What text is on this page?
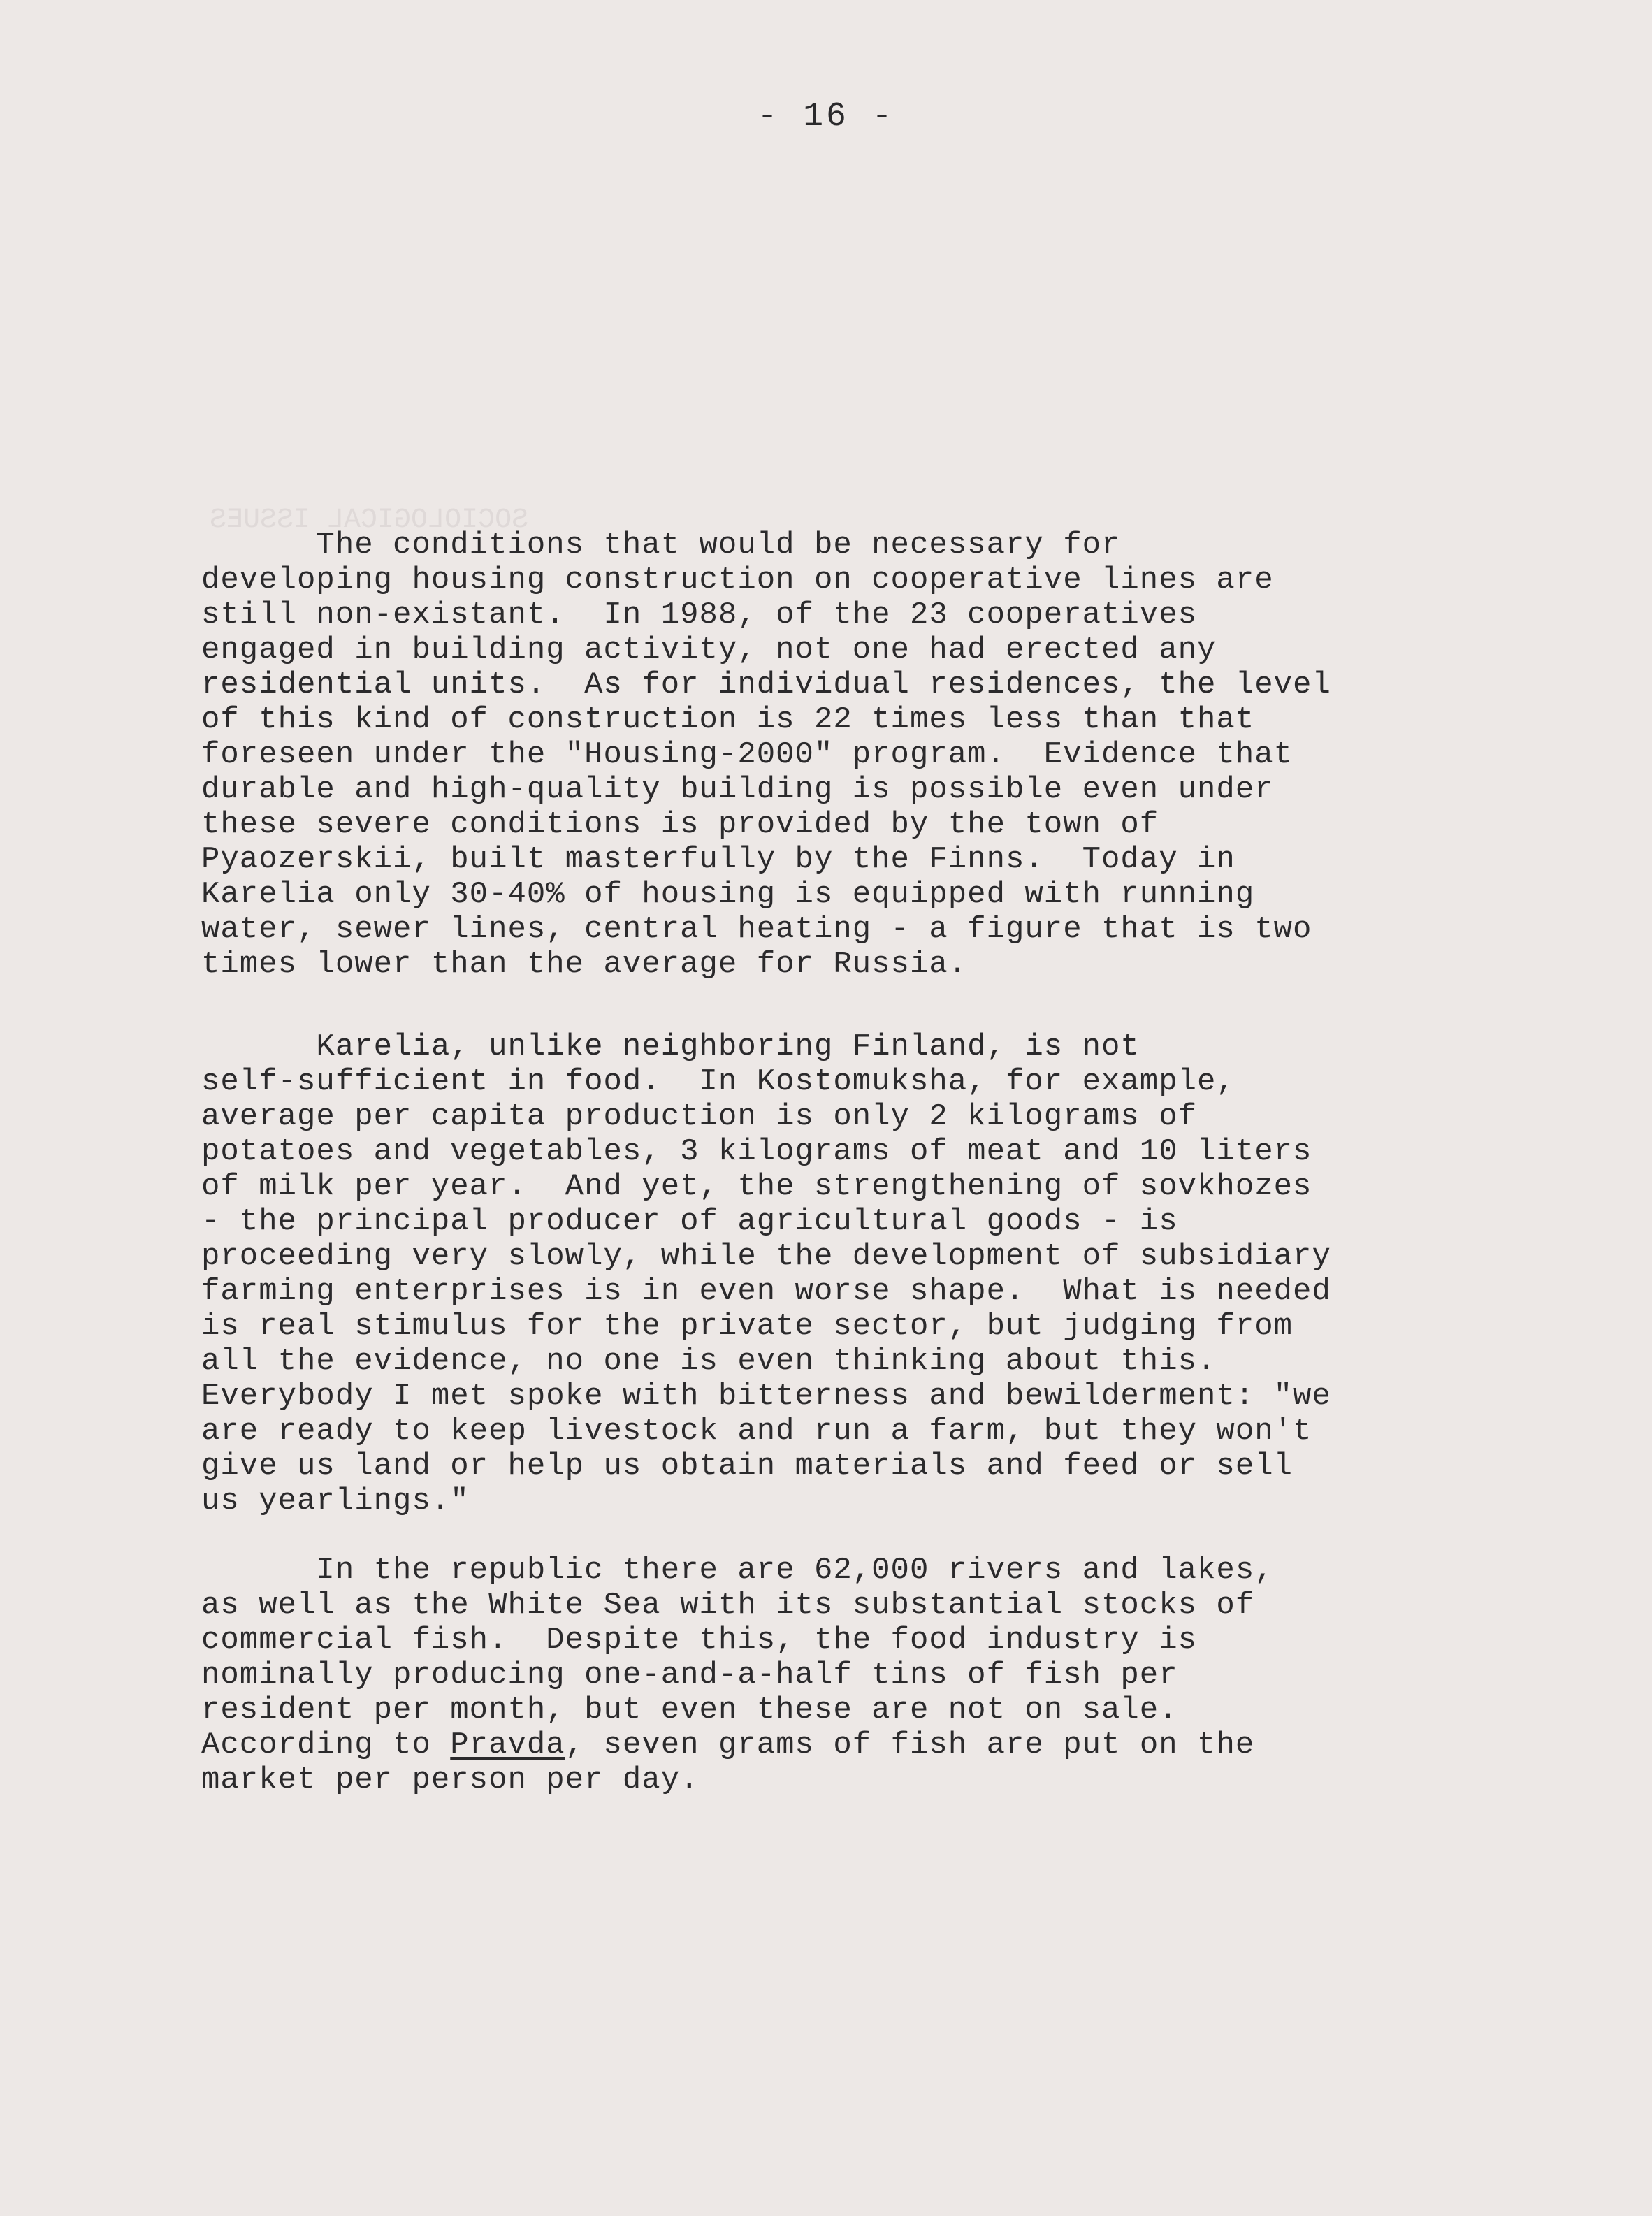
SOCIOLOGICAL ISSUES
- 16 -
The conditions that would be necessary for
developing housing construction on cooperative lines are
still non-existant.  In 1988, of the 23 cooperatives
engaged in building activity, not one had erected any
residential units.  As for individual residences, the level
of this kind of construction is 22 times less than that
foreseen under the "Housing-2000" program.  Evidence that
durable and high-quality building is possible even under
these severe conditions is provided by the town of
Pyaozerskii, built masterfully by the Finns.  Today in
Karelia only 30-40% of housing is equipped with running
water, sewer lines, central heating - a figure that is two
times lower than the average for Russia.
Karelia, unlike neighboring Finland, is not
self-sufficient in food.  In Kostomuksha, for example,
average per capita production is only 2 kilograms of
potatoes and vegetables, 3 kilograms of meat and 10 liters
of milk per year.  And yet, the strengthening of sovkhozes
- the principal producer of agricultural goods - is
proceeding very slowly, while the development of subsidiary
farming enterprises is in even worse shape.  What is needed
is real stimulus for the private sector, but judging from
all the evidence, no one is even thinking about this.
Everybody I met spoke with bitterness and bewilderment: "we
are ready to keep livestock and run a farm, but they won't
give us land or help us obtain materials and feed or sell
us yearlings."
In the republic there are 62,000 rivers and lakes,
as well as the White Sea with its substantial stocks of
commercial fish.  Despite this, the food industry is
nominally producing one-and-a-half tins of fish per
resident per month, but even these are not on sale.
According to Pravda, seven grams of fish are put on the
market per person per day.
